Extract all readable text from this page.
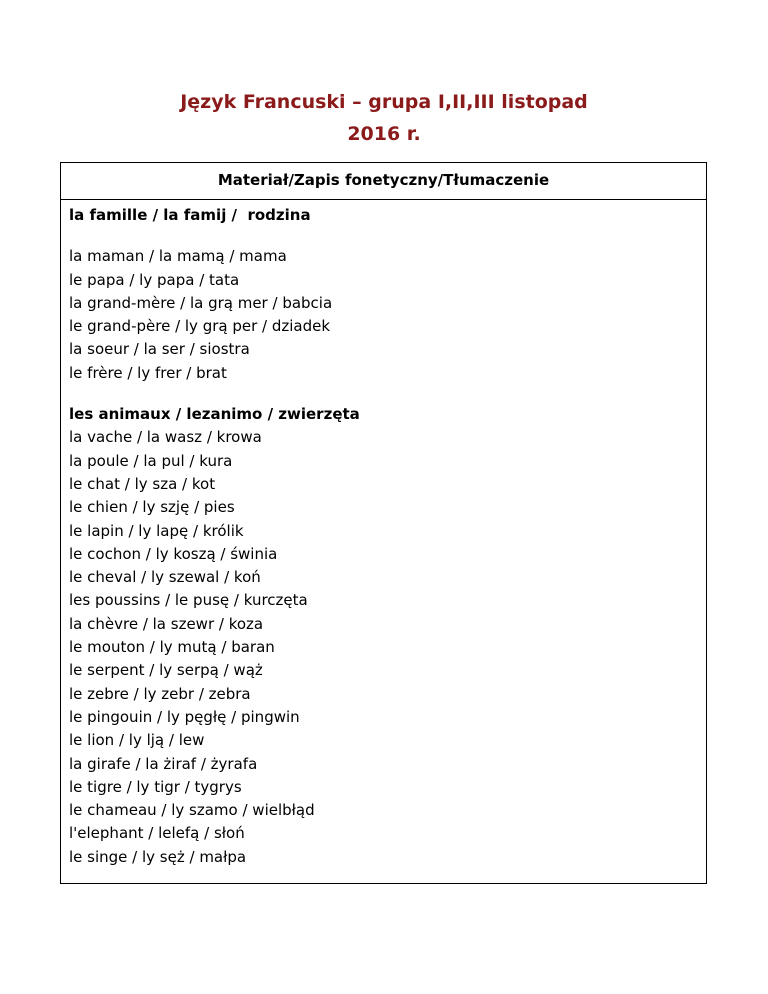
Język Francuski – grupa I,II,III listopad
2016 r.
Materiał/Zapis fonetyczny/Tłumaczenie
la famille / la famij /  rodzina
la maman / la mamą / mama
le papa / ly papa / tata
la grand-mère / la grą mer / babcia
le grand-père / ly grą per / dziadek
la soeur / la ser / siostra
le frère / ly frer / brat
les animaux / lezanimo / zwierzęta
la vache / la wasz / krowa
la poule / la pul / kura
le chat / ly sza / kot
le chien / ly szję / pies
le lapin / ly lapę / królik
le cochon / ly koszą / świnia
le cheval / ly szewal / koń
les poussins / le pusę / kurczęta
la chèvre / la szewr / koza
le mouton / ly mutą / baran
le serpent / ly serpą / wąż
le zebre / ly zebr / zebra
le pingouin / ly pęgłę / pingwin
le lion / ly lją / lew
la girafe / la żiraf / żyrafa
le tigre / ly tigr / tygrys
le chameau / ly szamo / wielbłąd
l'elephant / lelefą / słoń
le singe / ly sęż / małpa
